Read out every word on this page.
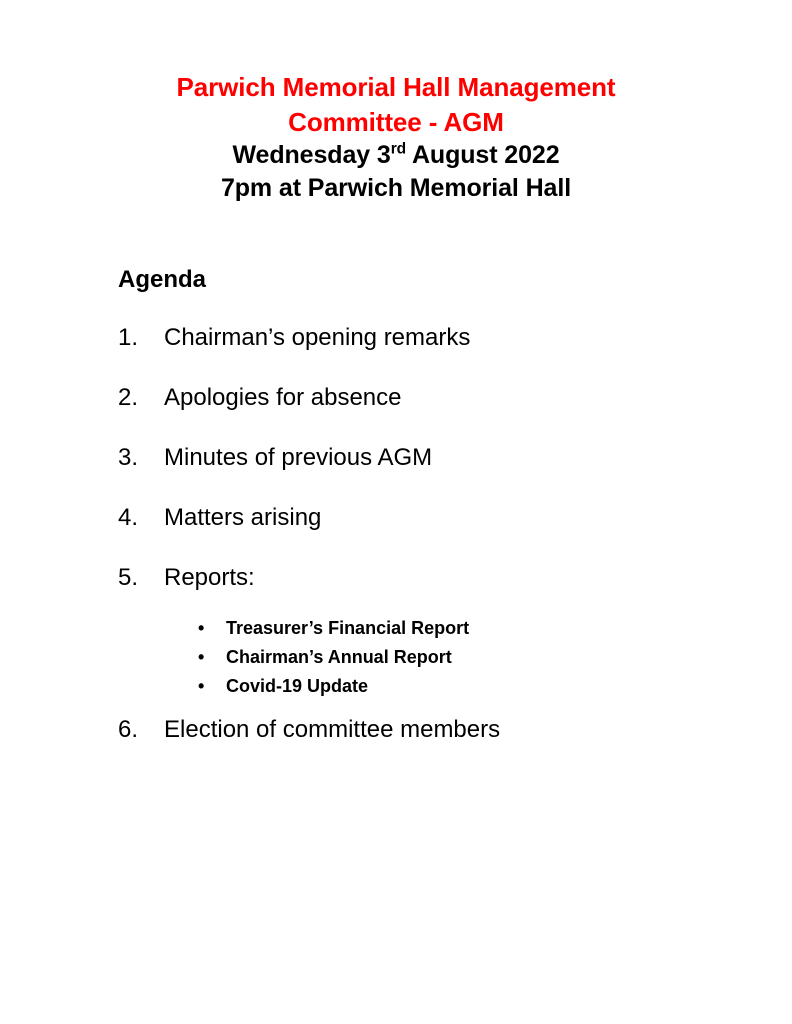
Parwich Memorial Hall Management
Committee - AGM
Wednesday 3rd August 2022
7pm at Parwich Memorial Hall
Agenda
1.	Chairman’s opening remarks
2.	Apologies for absence
3.	Minutes of previous AGM
4.	Matters arising
5.	Reports:
•	Treasurer’s Financial Report
•	Chairman’s Annual Report
•	Covid-19 Update
6.	Election of committee members
